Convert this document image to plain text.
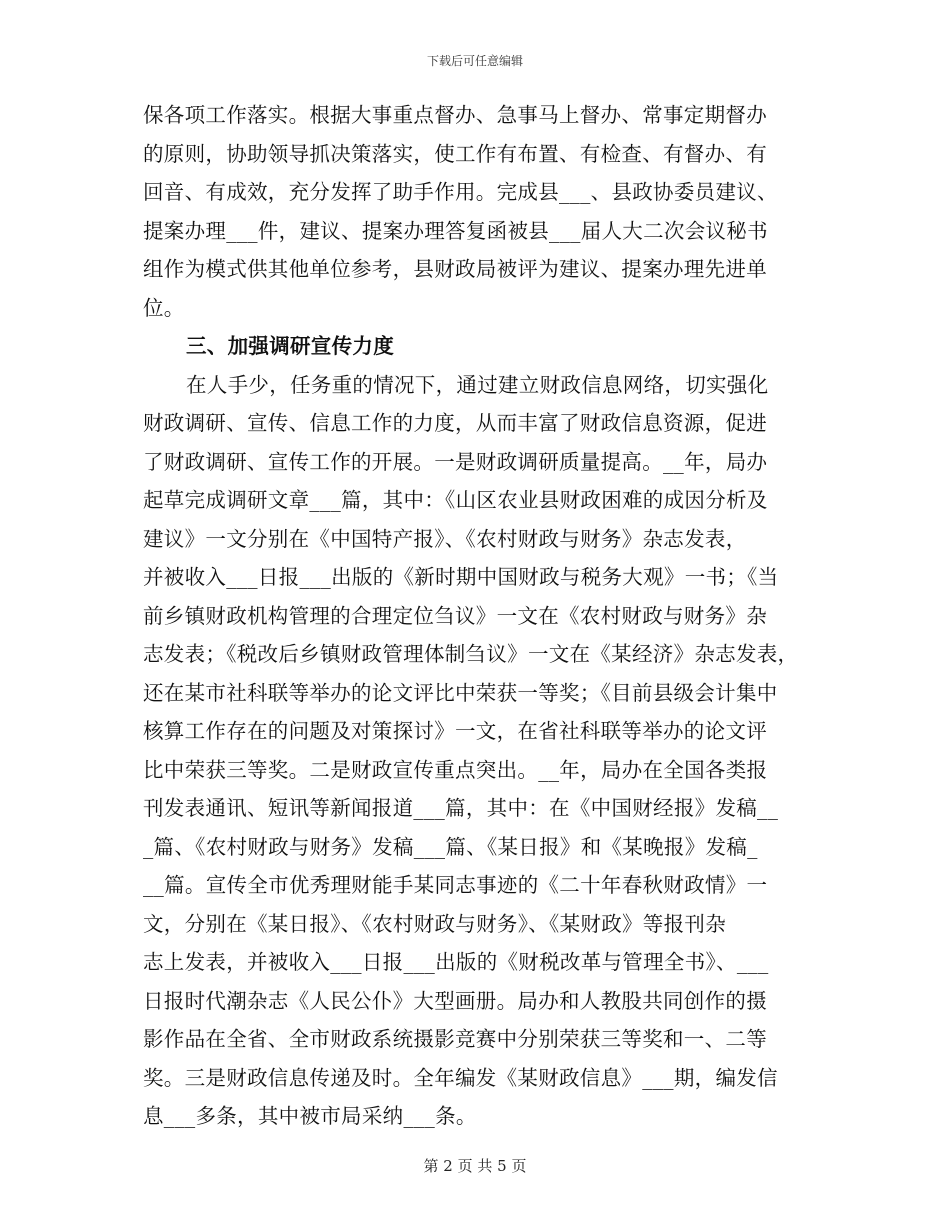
下载后可任意编辑
保各项工作落实。根据大事重点督办、急事马上督办、常事定期督办
的原则，协助领导抓决策落实，使工作有布置、有检查、有督办、有
回音、有成效，充分发挥了助手作用。完成县___、县政协委员建议、
提案办理___件，建议、提案办理答复函被县___届人大二次会议秘书
组作为模式供其他单位参考，县财政局被评为建议、提案办理先进单
位。
三、加强调研宣传力度
在人手少，任务重的情况下，通过建立财政信息网络，切实强化
财政调研、宣传、信息工作的力度，从而丰富了财政信息资源，促进
了财政调研、宣传工作的开展。一是财政调研质量提高。__年，局办
起草完成调研文章___篇，其中：《山区农业县财政困难的成因分析及
建议》一文分别在《中国特产报》、《农村财政与财务》杂志发表，
并被收入___日报___出版的《新时期中国财政与税务大观》一书；《当
前乡镇财政机构管理的合理定位刍议》一文在《农村财政与财务》杂
志发表；《税改后乡镇财政管理体制刍议》一文在《某经济》杂志发表，
还在某市社科联等举办的论文评比中荣获一等奖；《目前县级会计集中
核算工作存在的问题及对策探讨》一文，在省社科联等举办的论文评
比中荣获三等奖。二是财政宣传重点突出。__年，局办在全国各类报
刊发表通讯、短讯等新闻报道___篇，其中：在《中国财经报》发稿__
_篇、《农村财政与财务》发稿___篇、《某日报》和《某晚报》发稿_
__篇。宣传全市优秀理财能手某同志事迹的《二十年春秋财政情》一
文，分别在《某日报》、《农村财政与财务》、《某财政》等报刊杂
志上发表，并被收入___日报___出版的《财税改革与管理全书》、___
日报时代潮杂志《人民公仆》大型画册。局办和人教股共同创作的摄
影作品在全省、全市财政系统摄影竞赛中分别荣获三等奖和一、二等
奖。三是财政信息传递及时。全年编发《某财政信息》___期，编发信
息___多条，其中被市局采纳___条。
第 2 页 共 5 页
